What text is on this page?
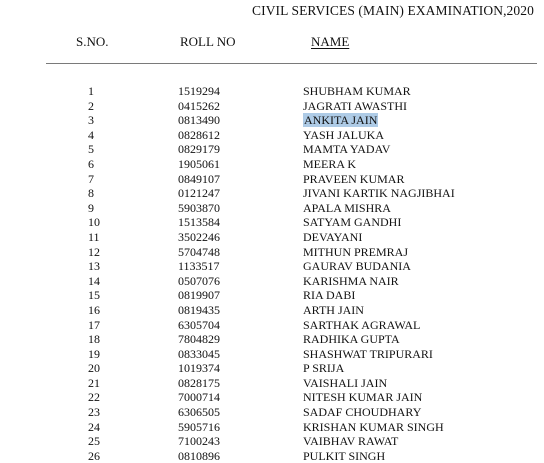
CIVIL SERVICES (MAIN) EXAMINATION,2020
S.NO.	ROLL NO	NAME
1	1519294	SHUBHAM KUMAR
2	0415262	JAGRATI AWASTHI
3	0813490	ANKITA JAIN
4	0828612	YASH JALUKA
5	0829179	MAMTA YADAV
6	1905061	MEERA K
7	0849107	PRAVEEN KUMAR
8	0121247	JIVANI KARTIK NAGJIBHAI
9	5903870	APALA MISHRA
10	1513584	SATYAM GANDHI
11	3502246	DEVAYANI
12	5704748	MITHUN PREMRAJ
13	1133517	GAURAV BUDANIA
14	0507076	KARISHMA NAIR
15	0819907	RIA DABI
16	0819435	ARTH JAIN
17	6305704	SARTHAK AGRAWAL
18	7804829	RADHIKA GUPTA
19	0833045	SHASHWAT TRIPURARI
20	1019374	P SRIJA
21	0828175	VAISHALI JAIN
22	7000714	NITESH KUMAR JAIN
23	6306505	SADAF CHOUDHARY
24	5905716	KRISHAN KUMAR SINGH
25	7100243	VAIBHAV RAWAT
26	0810896	PULKIT SINGH
